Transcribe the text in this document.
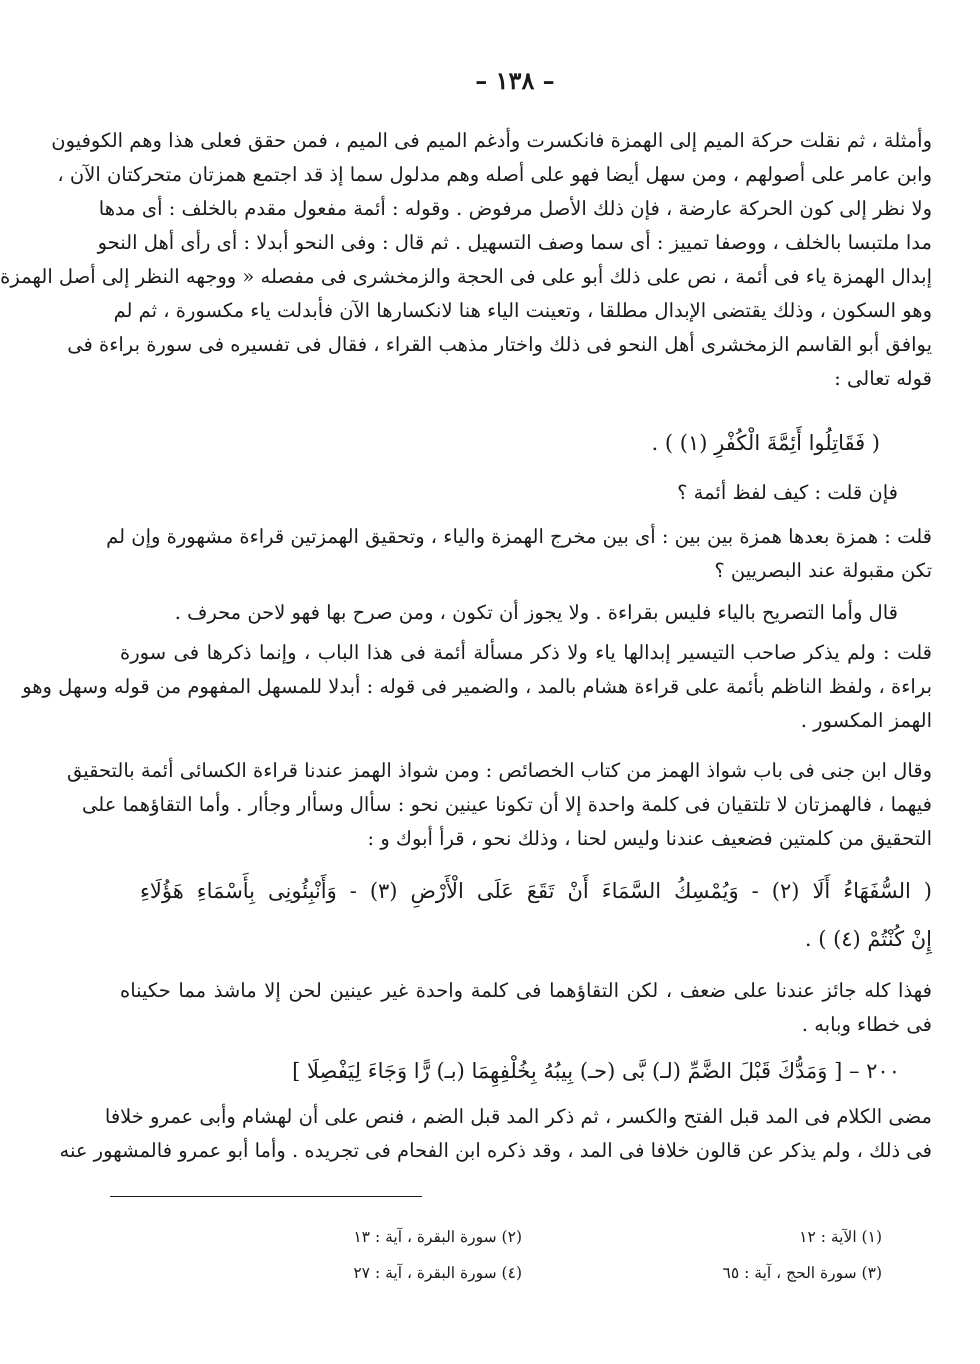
– ١٣٨ –
وأمثلة ، ثم نقلت حركة الميم إلى الهمزة فانكسرت وأدغم الميم فى الميم ، فمن حقق فعلى هذا وهم الكوفيون
وابن عامر على أصولهم ، ومن سهل أيضا فهو على أصله وهم مدلول سما إذ قد اجتمع همزتان متحركتان الآن ،
ولا نظر إلى كون الحركة عارضة ، فإن ذلك الأصل مرفوض . وقوله : أئمة مفعول مقدم بالخلف : أى مدها
مدا ملتبسا بالخلف ، ووصفا تمييز : أى سما وصف التسهيل . ثم قال : وفى النحو أبدلا : أى رأى أهل النحو
إبدال الهمزة ياء فى أئمة ، نص على ذلك أبو على فى الحجة والزمخشرى فى مفصله « ووجهه النظر إلى أصل الهمزة
وهو السكون ، وذلك يقتضى الإبدال مطلقا ، وتعينت الياء هنا لانكسارها الآن فأبدلت ياء مكسورة ، ثم لم
يوافق أبو القاسم الزمخشرى أهل النحو فى ذلك واختار مذهب القراء ، فقال فى تفسيره فى سورة براءة فى
قوله تعالى :
( فَقَاتِلُوا أَئِمَّةَ الْكُفْرِ (١) ) .
فإن قلت : كيف لفظ أئمة ؟
قلت : همزة بعدها همزة بين بين : أى بين مخرج الهمزة والياء ، وتحقيق الهمزتين قراءة مشهورة وإن لم
تكن مقبولة عند البصريين ؟
قال وأما التصريح بالياء فليس بقراءة . ولا يجوز أن تكون ، ومن صرح بها فهو لاحن محرف .
قلت : ولم يذكر صاحب التيسير إبدالها ياء ولا ذكر مسألة أئمة فى هذا الباب ، وإنما ذكرها فى سورة
براءة ، ولفظ الناظم بأئمة على قراءة هشام بالمد ، والضمير فى قوله : أبدلا للمسهل المفهوم من قوله وسهل وهو
الهمز المكسور .
وقال ابن جنى فى باب شواذ الهمز من كتاب الخصائص : ومن شواذ الهمز عندنا قراءة الكسائى أئمة بالتحقيق
فيهما ، فالهمزتان لا تلتقيان فى كلمة واحدة إلا أن تكونا عينين نحو : سأال وسأار وجأار . وأما التقاؤهما على
التحقيق من كلمتين فضعيف عندنا وليس لحنا ، وذلك نحو ، قرأ أبوك و :
( السُّفَهَاءُ أَلَا (٢) - وَيُمْسِكُ السَّمَاءَ أَنْ تَقَعَ عَلَى الْأَرْضِ (٣) - وَأَنْبِئُونِى بِأَسْمَاءِ هَؤُلَاءِ
إِنْ كُنْتُمْ (٤) ) .
فهذا كله جائز عندنا على ضعف ، لكن التقاؤهما فى كلمة واحدة غير عينين لحن إلا ماشذ مما حكيناه
فى خطاء وبابه .
٢٠٠ – [ وَمَدُّكَ قَبْلَ الضَّمِّ (لـ) بَّى (حـ) بِيبُهُ بِخُلْفِهِمَا (بـ) رًّا وَجَاءَ لِيَفْصِلَا ]
مضى الكلام فى المد قبل الفتح والكسر ، ثم ذكر المد قبل الضم ، فنص على أن لهشام وأبى عمرو خلافا
فى ذلك ، ولم يذكر عن قالون خلافا فى المد ، وقد ذكره ابن الفحام فى تجريده . وأما أبو عمرو فالمشهور عنه
(١) الآية : ١٢
(٢) سورة البقرة ، آية : ١٣
(٣) سورة الحج ، آية : ٦٥
(٤) سورة البقرة ، آية : ٢٧
